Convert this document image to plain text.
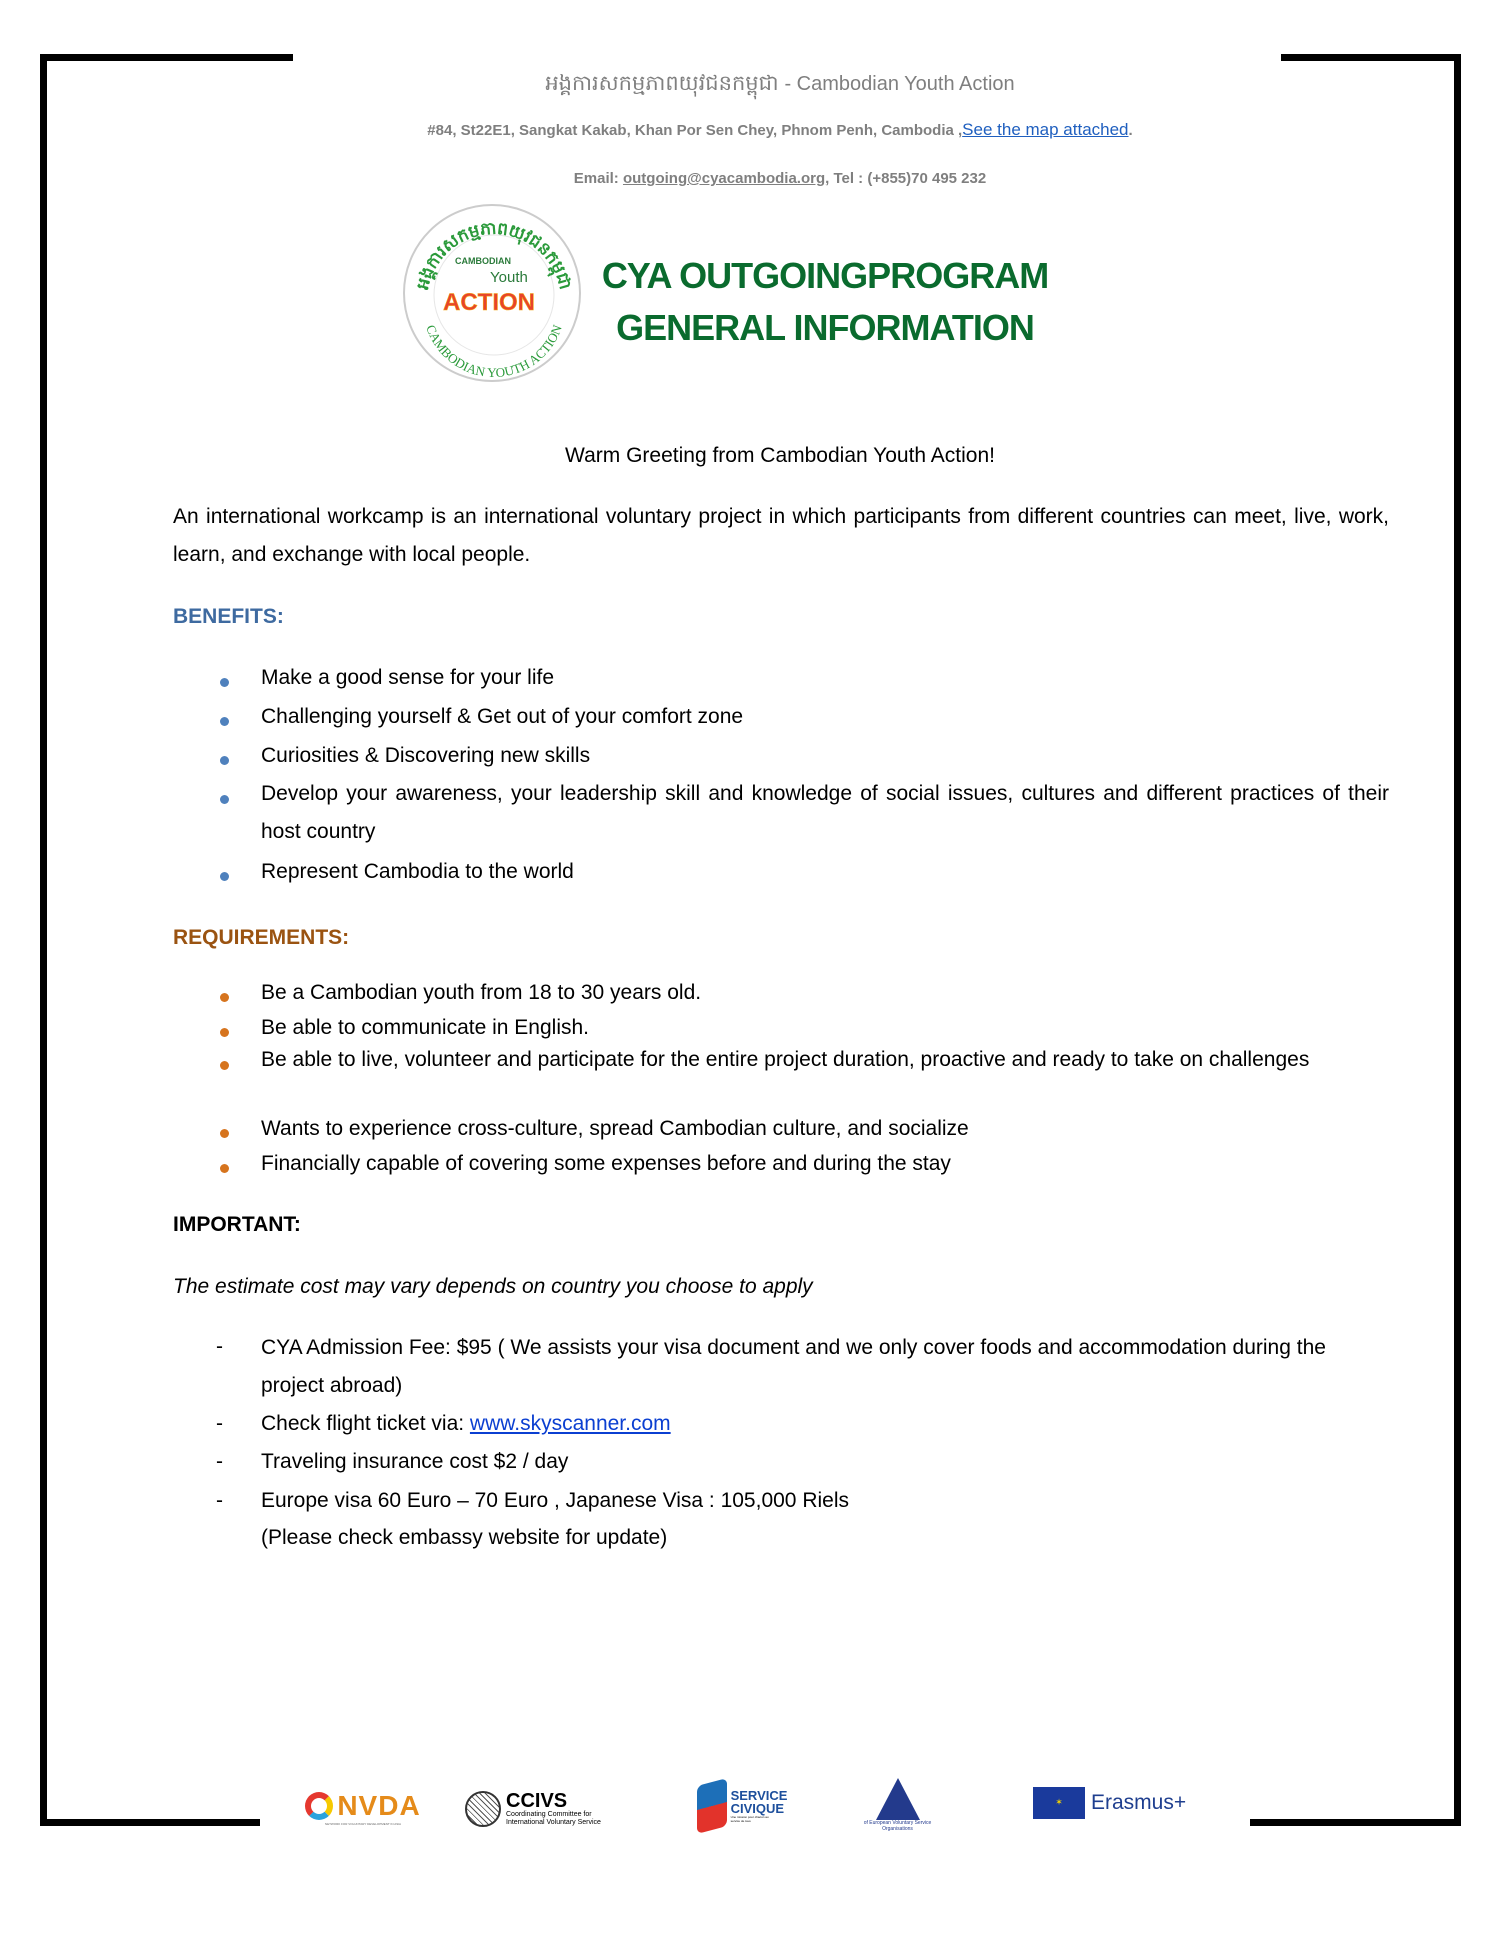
អង្គការសកម្មភាពយុវជនកម្ពុជា - Cambodian Youth Action
#84, St22E1, Sangkat Kakab, Khan Por Sen Chey, Phnom Penh, Cambodia ,See the map attached.
Email: outgoing@cyacambodia.org, Tel : (+855)70 495 232
អង្គការសកម្មភាពយុវជនកម្ពុជា
CAMBODIAN YOUTH ACTION
CAMBODIAN
Youth
ACTION
CYA OUTGOINGPROGRAM
GENERAL INFORMATION
Warm Greeting from Cambodian Youth Action!
An international workcamp is an international voluntary project in which participants from different countries can meet, live, work, learn, and exchange with local people.
BENEFITS:
Make a good sense for your life
Challenging yourself & Get out of your comfort zone
Curiosities & Discovering new skills
Develop your awareness, your leadership skill and knowledge of social issues, cultures and different practices of their host country
Represent Cambodia to the world
REQUIREMENTS:
Be a Cambodian youth from 18 to 30 years old.
Be able to communicate in English.
Be able to live, volunteer and participate for the entire project duration, proactive and ready to take on challenges
Wants to experience cross-culture, spread Cambodian culture, and socialize
Financially capable of covering some expenses before and during the stay
IMPORTANT:
The estimate cost may vary depends on country you choose to apply
- CYA Admission Fee: $95 ( We assists your visa document and we only cover foods and accommodation during the project abroad)
- Check flight ticket via: www.skyscanner.com
- Traveling insurance cost $2 / day
- Europe visa 60 Euro – 70 Euro , Japanese Visa : 105,000 Riels
(Please check embassy website for update)
NVDA
NETWORK FOR VOLUNTARY DEVELOPMENT IN ASIA
CCIVS
Coordinating Committee for International Voluntary Service
SERVICE
CIVIQUE
Une mission pour chacun au service de tous
ALLIANCE
of European Voluntary Service Organisations
✶	Erasmus+
